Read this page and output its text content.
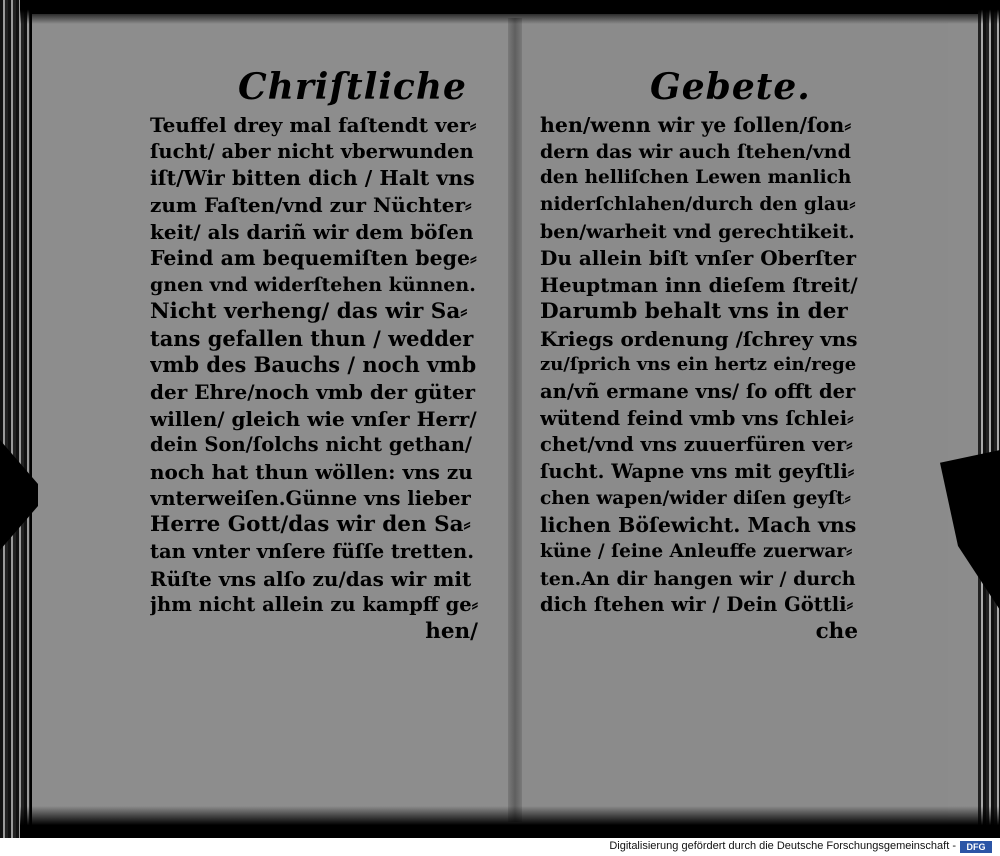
Chriſtliche	Gebete.
Teuffel drey mal faſtendt ver⸗
ſucht/ aber nicht vberwunden
iſt/Wir bitten dich / Halt vns
zum Faſten/vnd zur Nüchter⸗
keit/ als dariñ wir dem böſen
Feind am bequemiſten bege⸗
gnen vnd widerſtehen künnen.
Nicht verheng/ das wir Sa⸗
tans gefallen thun / wedder
vmb des Bauchs / noch vmb
der Ehre/noch vmb der güter
willen/ gleich wie vnſer Herr/
dein Son/ſolchs nicht gethan/
noch hat thun wöllen: vns zu
vnterweiſen.Günne vns lieber
Herre Gott/das wir den Sa⸗
tan vnter vnſere füſſe tretten.
Rüſte vns alſo zu/das wir mit
jhm nicht allein zu kampff ge⸗
hen/
hen/wenn wir ye ſollen/ſon⸗
dern das wir auch ſtehen/vnd
den helliſchen Lewen manlich
niderſchlahen/durch den glau⸗
ben/warheit vnd gerechtikeit.
Du allein biſt vnſer Oberſter
Heuptman inn dieſem ſtreit/
Darumb behalt vns in der
Kriegs ordenung /ſchrey vns
zu/ſprich vns ein hertz ein/rege
an/vñ ermane vns/ ſo offt der
wütend feind vmb vns ſchlei⸗
chet/vnd vns zuuerfüren ver⸗
ſucht. Wapne vns mit geyſtli⸗
chen wapen/wider diſen geyſt⸗
lichen Böſewicht. Mach vns
küne / ſeine Anleuffe zuerwar⸗
ten.An dir hangen wir / durch
dich ſtehen wir / Dein Göttli⸗
che
Digitalisierung gefördert durch die Deutsche Forschungsgemeinschaft -	DFG
